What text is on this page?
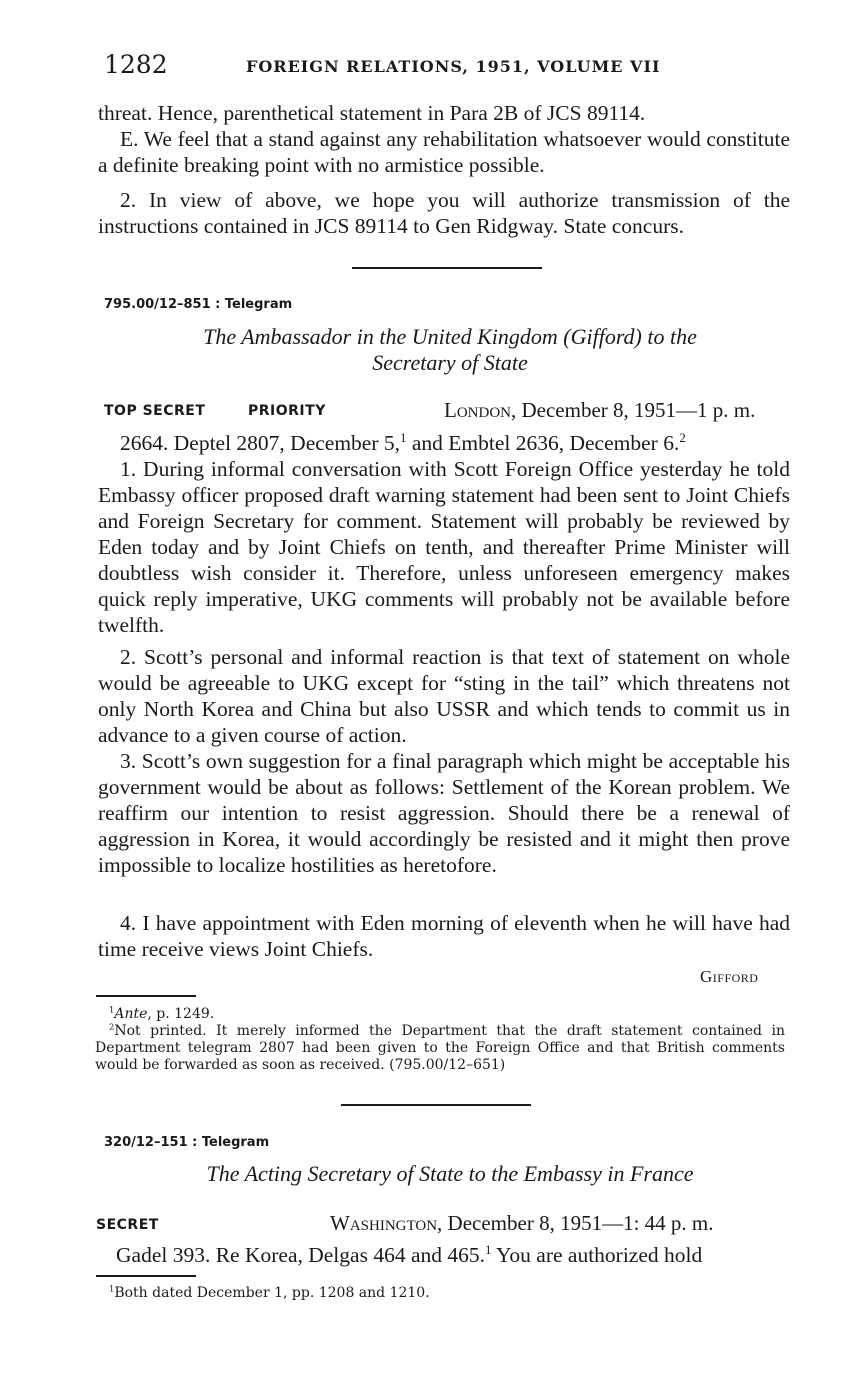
1282	FOREIGN RELATIONS, 1951, VOLUME VII
threat. Hence, parenthetical statement in Para 2B of JCS 89114.
E. We feel that a stand against any rehabilitation whatsoever would constitute a definite breaking point with no armistice possible.
2. In view of above, we hope you will authorize transmission of the instructions contained in JCS 89114 to Gen Ridgway. State concurs.
795.00/12–851 : Telegram
The Ambassador in the United Kingdom (Gifford) to the
Secretary of State
TOP SECRET	PRIORITY	London, December 8, 1951—1 p. m.
2664. Deptel 2807, December 5,$^1$ and Embtel 2636, December 6.$^2$
1. During informal conversation with Scott Foreign Office yesterday he told Embassy officer proposed draft warning statement had been sent to Joint Chiefs and Foreign Secretary for comment. Statement will probably be reviewed by Eden today and by Joint Chiefs on tenth, and thereafter Prime Minister will doubtless wish consider it. Therefore, unless unforeseen emergency makes quick reply imperative, UKG comments will probably not be available before twelfth.
2. Scott’s personal and informal reaction is that text of statement on whole would be agreeable to UKG except for “sting in the tail” which threatens not only North Korea and China but also USSR and which tends to commit us in advance to a given course of action.
3. Scott’s own suggestion for a final paragraph which might be acceptable his government would be about as follows: Settlement of the Korean problem. We reaffirm our intention to resist aggression. Should there be a renewal of aggression in Korea, it would accordingly be resisted and it might then prove impossible to localize hostilities as heretofore.
4. I have appointment with Eden morning of eleventh when he will have had time receive views Joint Chiefs.
Gifford
$^1$Ante, p. 1249.
$^2$Not printed. It merely informed the Department that the draft statement contained in Department telegram 2807 had been given to the Foreign Office and that British comments would be forwarded as soon as received. (795.00/12–651)
320/12–151 : Telegram
The Acting Secretary of State to the Embassy in France
SECRET	Washington, December 8, 1951—1: 44 p. m.
Gadel 393. Re Korea, Delgas 464 and 465.$^1$ You are authorized hold
$^1$Both dated December 1, pp. 1208 and 1210.
